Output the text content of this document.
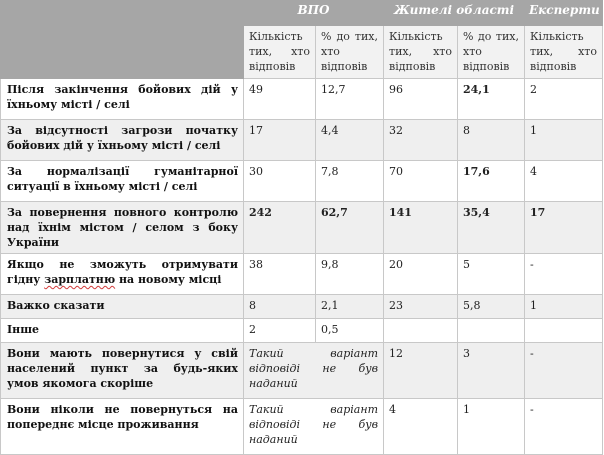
	ВПО		Жителі області		Експерти
	Кількість тих, хто відповів	% до тих, хто відповів	Кількість тих, хто відповів	% до тих, хто відповів	Кількість тих, хто відповів
Після закінчення бойових дій у їхньому місті / селі	49	12,7	96	24,1	2
За відсутності загрози початку бойових дій у їхньому місті / селі	17	4,4	32	8	1
За нормалізації гуманітарної ситуації в їхньому місті / селі	30	7,8	70	17,6	4
За повернення повного контролю над їхнім містом / селом з боку України	242	62,7	141	35,4	17
Якщо не зможуть отримувати гідну зарплатню на новому місці	38	9,8	20	5	-
Важко сказати	8	2,1	23	5,8	1
Інше	2	0,5			
Вони мають повернутися у свій населений пункт за будь-яких умов якомога скоріше	Такий варіант відповіді не був наданий		12	3	-
Вони ніколи не повернуться на попереднє місце проживання	Такий варіант відповіді не був наданий		4	1	-
